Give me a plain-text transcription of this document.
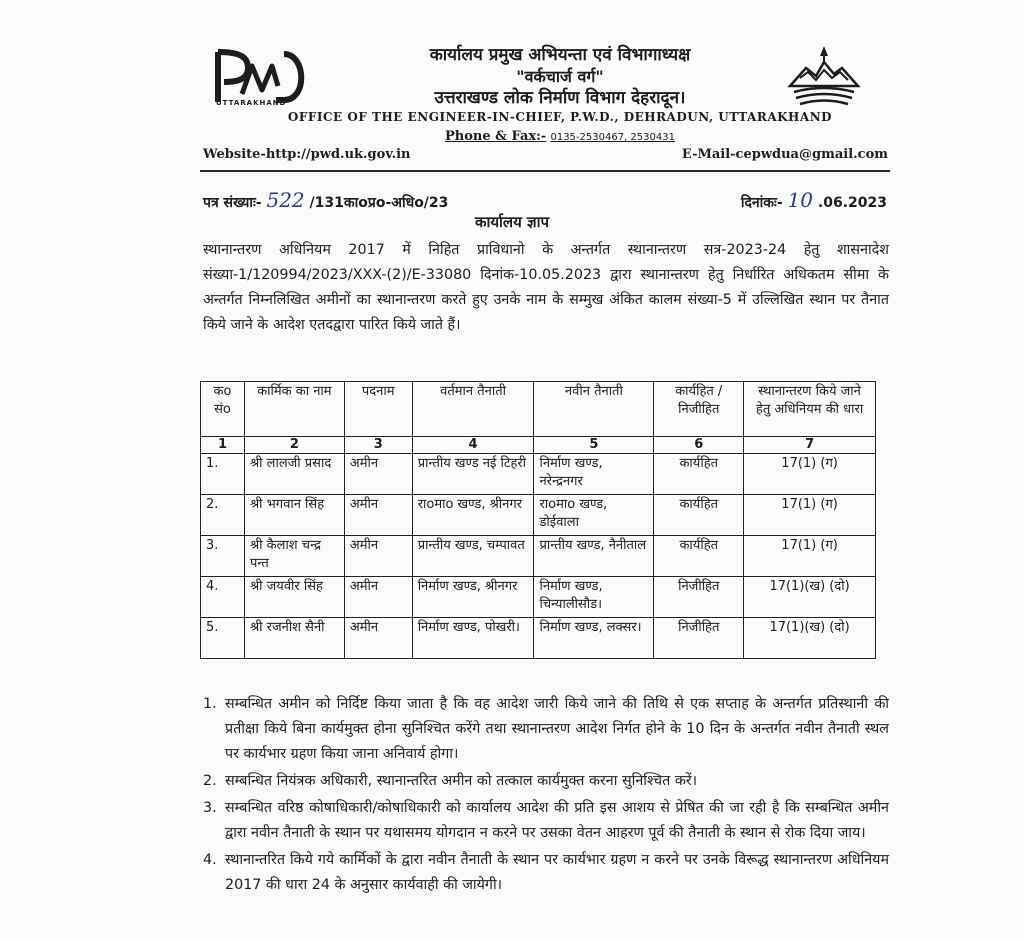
UTTARAKHAND
कार्यालय प्रमुख अभियन्ता एवं विभागाध्यक्ष
"वर्कचार्ज वर्ग"
उत्तराखण्ड लोक निर्माण विभाग देहरादून।
OFFICE OF THE ENGINEER-IN-CHIEF, P.W.D., DEHRADUN, UTTARAKHAND
Phone & Fax:- 0135-2530467, 2530431
Website-http://pwd.uk.gov.in	E-Mail-cepwdua@gmail.com
पत्र संख्याः- 522 /131काoप्रo-अधिo/23	दिनांकः- 10 .06.2023
कार्यालय ज्ञाप
स्थानान्तरण अधिनियम 2017 में निहित प्राविधानो के अन्तर्गत स्थानान्तरण सत्र-2023-24 हेतु शासनादेश संख्या-1/120994/2023/XXX-(2)/E-33080 दिनांक-10.05.2023 द्वारा स्थानान्तरण हेतु निर्धारित अधिकतम सीमा के अन्तर्गत निम्नलिखित अमीनों का स्थानान्तरण करते हुए उनके नाम के सम्मुख अंकित कालम संख्या-5 में उल्लिखित स्थान पर तैनात किये जाने के आदेश एतदद्वारा पारित किये जाते हैं।
कo संo	कार्मिक का नाम	पदनाम	वर्तमान तैनाती	नवीन तैनाती	कार्यहित / निजीहित	स्थानान्तरण किये जाने हेतु अधिनियम की धारा
1	2	3	4	5	6	7
1.	श्री लालजी प्रसाद	अमीन	प्रान्तीय खण्ड नई टिहरी	निर्माण खण्ड, नरेन्द्रनगर	कार्यहित	17(1) (ग)
2.	श्री भगवान सिंह	अमीन	राoमाo खण्ड, श्रीनगर	राoमाo खण्ड, डोईवाला	कार्यहित	17(1) (ग)
3.	श्री कैलाश चन्द्र पन्त	अमीन	प्रान्तीय खण्ड, चम्पावत	प्रान्तीय खण्ड, नैनीताल	कार्यहित	17(1) (ग)
4.	श्री जयवीर सिंह	अमीन	निर्माण खण्ड, श्रीनगर	निर्माण खण्ड, चिन्यालीसौड।	निजीहित	17(1)(ख) (दो)
5.	श्री रजनीश सैनी	अमीन	निर्माण खण्ड, पोखरी।	निर्माण खण्ड, लक्सर।	निजीहित	17(1)(ख) (दो)
1. सम्बन्धित अमीन को निर्दिष्ट किया जाता है कि वह आदेश जारी किये जाने की तिथि से एक सप्ताह के अन्तर्गत प्रतिस्थानी की प्रतीक्षा किये बिना कार्यमुक्त होना सुनिश्चित करेंगे तथा स्थानान्तरण आदेश निर्गत होने के 10 दिन के अन्तर्गत नवीन तैनाती स्थल पर कार्यभार ग्रहण किया जाना अनिवार्य होगा।
2. सम्बन्धित नियंत्रक अधिकारी, स्थानान्तरित अमीन को तत्काल कार्यमुक्त करना सुनिश्चित करें।
3. सम्बन्धित वरिष्ठ कोषाधिकारी/कोषाधिकारी को कार्यालय आदेश की प्रति इस आशय से प्रेषित की जा रही है कि सम्बन्धित अमीन द्वारा नवीन तैनाती के स्थान पर यथासमय योगदान न करने पर उसका वेतन आहरण पूर्व की तैनाती के स्थान से रोक दिया जाय।
4. स्थानान्तरित किये गये कार्मिकों के द्वारा नवीन तैनाती के स्थान पर कार्यभार ग्रहण न करने पर उनके विरूद्ध स्थानान्तरण अधिनियम 2017 की धारा 24 के अनुसार कार्यवाही की जायेगी।
